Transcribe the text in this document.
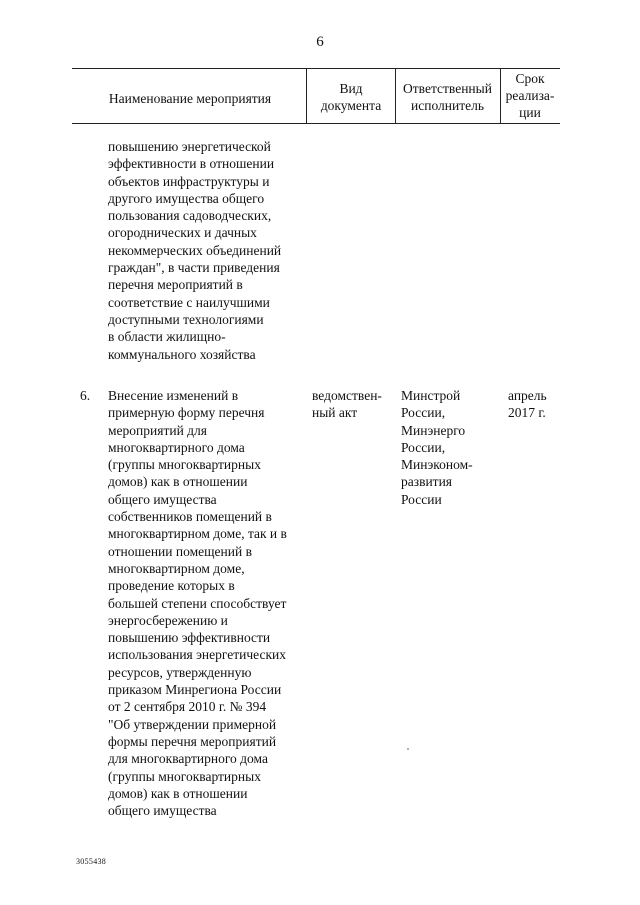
6
Наименование мероприятия
Вид
документа
Ответственный
исполнитель
Срок
реализа-
ции
повышению энергетической
эффективности в отношении
объектов инфраструктуры и
другого имущества общего
пользования садоводческих,
огороднических и дачных
некоммерческих объединений
граждан", в части приведения
перечня мероприятий в
соответствие с наилучшими
доступными технологиями
в области жилищно-
коммунального хозяйства
6. Внесение изменений в
примерную форму перечня
мероприятий для
многоквартирного дома
(группы многоквартирных
домов) как в отношении
общего имущества
собственников помещений в
многоквартирном доме, так и в
отношении помещений в
многоквартирном доме,
проведение которых в
большей степени способствует
энергосбережению и
повышению эффективности
использования энергетических
ресурсов, утвержденную
приказом Минрегиона России
от 2 сентября 2010 г. № 394
"Об утверждении примерной
формы перечня мероприятий
для многоквартирного дома
(группы многоквартирных
домов) как в отношении
общего имущества
ведомствен-
ный акт
Минстрой
России,
Минэнерго
России,
Минэконом-
развития
России
апрель
2017 г.
3055438
